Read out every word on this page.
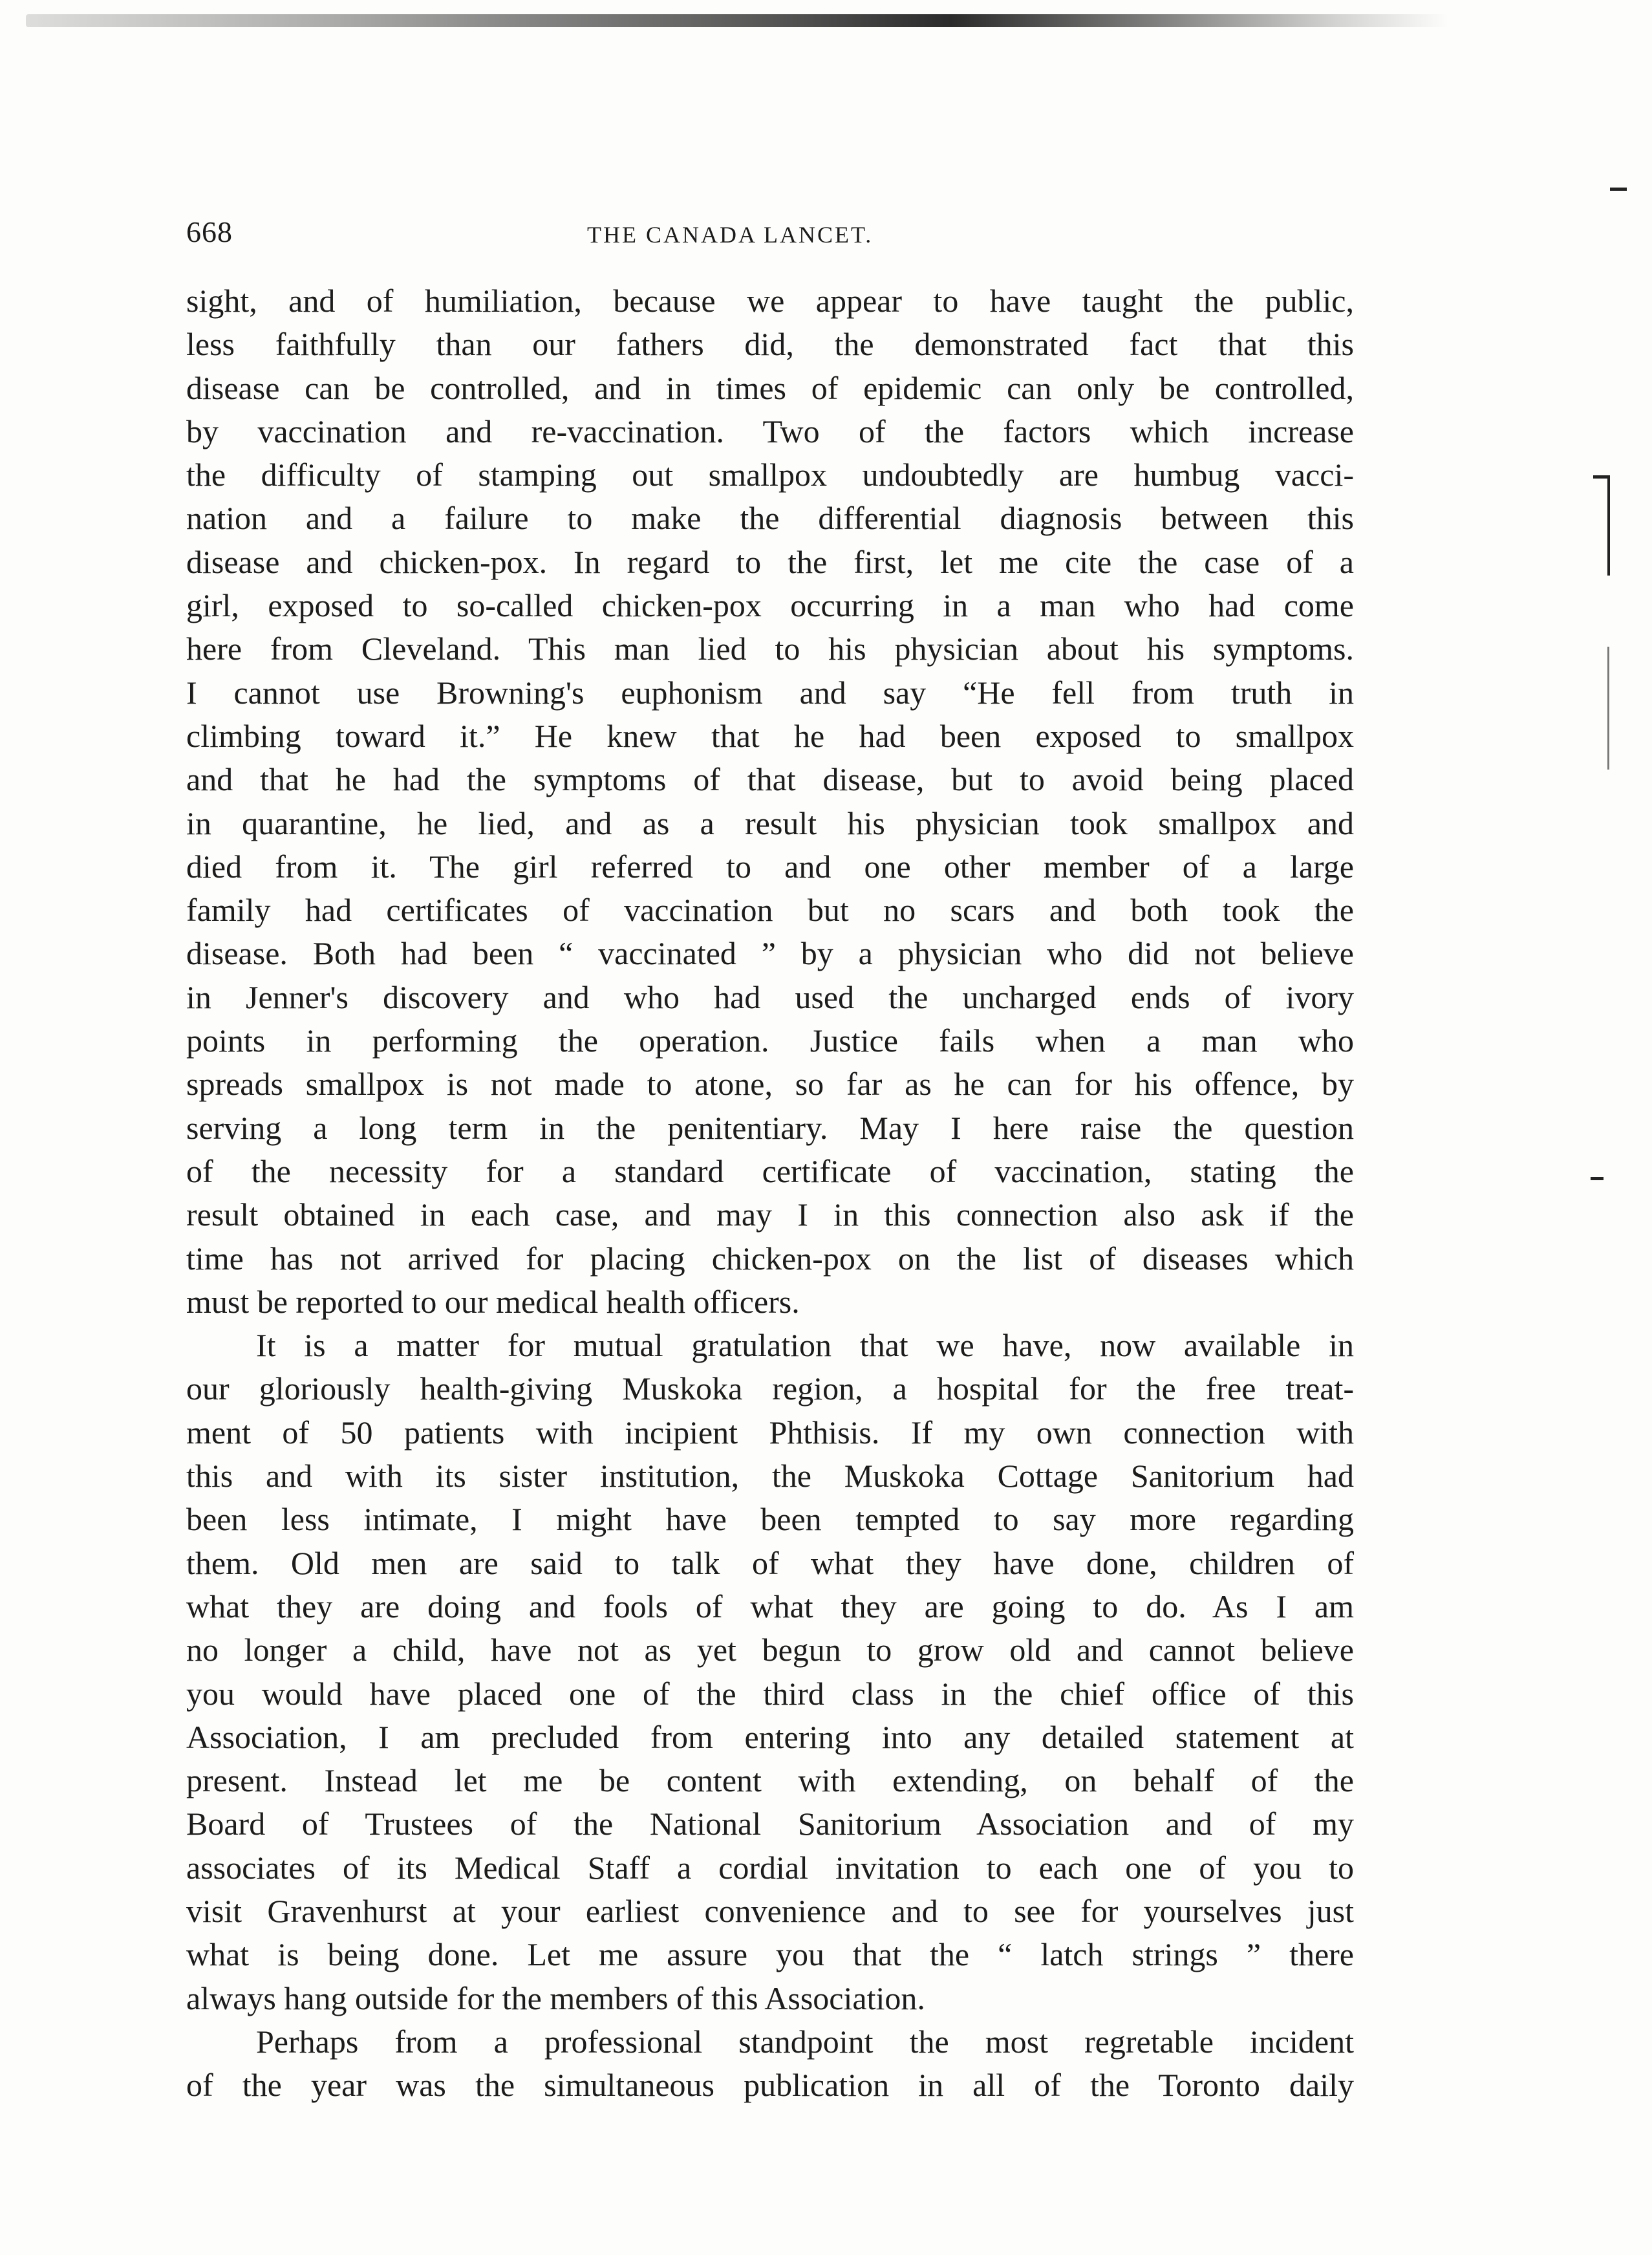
668	THE CANADA LANCET.
sight, and of humiliation, because we appear to have taught the public,
less faithfully than our fathers did, the demonstrated fact that this
disease can be controlled, and in times of epidemic can only be controlled,
by vaccination and re-vaccination. Two of the factors which increase
the difficulty of stamping out smallpox undoubtedly are humbug vacci-
nation and a failure to make the differential diagnosis between this
disease and chicken-pox. In regard to the first, let me cite the case of a
girl, exposed to so-called chicken-pox occurring in a man who had come
here from Cleveland. This man lied to his physician about his symptoms.
I cannot use Browning's euphonism and say “He fell from truth in
climbing toward it.” He knew that he had been exposed to smallpox
and that he had the symptoms of that disease, but to avoid being placed
in quarantine, he lied, and as a result his physician took smallpox and
died from it. The girl referred to and one other member of a large
family had certificates of vaccination but no scars and both took the
disease. Both had been “ vaccinated ” by a physician who did not believe
in Jenner's discovery and who had used the uncharged ends of ivory
points in performing the operation. Justice fails when a man who
spreads smallpox is not made to atone, so far as he can for his offence, by
serving a long term in the penitentiary. May I here raise the question
of the necessity for a standard certificate of vaccination, stating the
result obtained in each case, and may I in this connection also ask if the
time has not arrived for placing chicken-pox on the list of diseases which
must be reported to our medical health officers.
It is a matter for mutual gratulation that we have, now available in
our gloriously health-giving Muskoka region, a hospital for the free treat-
ment of 50 patients with incipient Phthisis. If my own connection with
this and with its sister institution, the Muskoka Cottage Sanitorium had
been less intimate, I might have been tempted to say more regarding
them. Old men are said to talk of what they have done, children of
what they are doing and fools of what they are going to do. As I am
no longer a child, have not as yet begun to grow old and cannot believe
you would have placed one of the third class in the chief office of this
Association, I am precluded from entering into any detailed statement at
present. Instead let me be content with extending, on behalf of the
Board of Trustees of the National Sanitorium Association and of my
associates of its Medical Staff a cordial invitation to each one of you to
visit Gravenhurst at your earliest convenience and to see for yourselves just
what is being done. Let me assure you that the “ latch strings ” there
always hang outside for the members of this Association.
Perhaps from a professional standpoint the most regretable incident
of the year was the simultaneous publication in all of the Toronto daily
